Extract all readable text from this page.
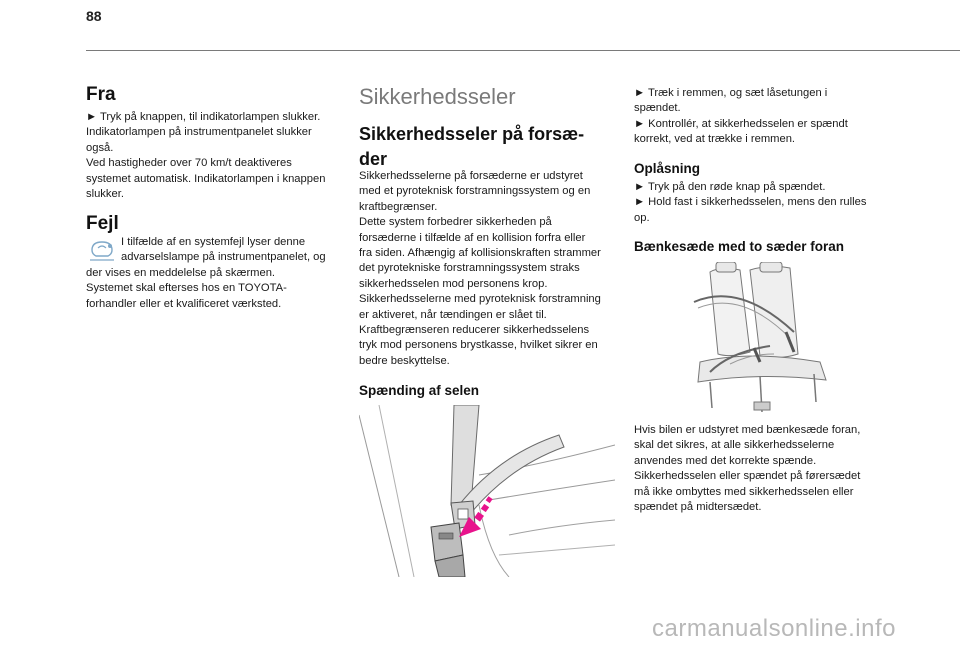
88
Fra
► Tryk på knappen, til indikatorlampen slukker.
Indikatorlampen på instrumentpanelet slukker
også.
Ved hastigheder over 70 km/t deaktiveres
systemet automatisk. Indikatorlampen i knappen
slukker.
Fejl
I tilfælde af en systemfejl lyser denne
advarselslampe på instrumentpanelet, og
der vises en meddelelse på skærmen.
Systemet skal efterses hos en TOYOTA-
forhandler eller et kvalificeret værksted.
Sikkerhedsseler
Sikkerhedsseler på forsæ-
der
Sikkerhedsselerne på forsæderne er udstyret
med et pyroteknisk forstramningssystem og en
kraftbegrænser.
Dette system forbedrer sikkerheden på
forsæderne i tilfælde af en kollision forfra eller
fra siden. Afhængig af kollisionskraften strammer
det pyrotekniske forstramningssystem straks
sikkerhedsselen mod personens krop.
Sikkerhedsselerne med pyroteknisk forstramning
er aktiveret, når tændingen er slået til.
Kraftbegrænseren reducerer sikkerhedsselens
tryk mod personens brystkasse, hvilket sikrer en
bedre beskyttelse.
Spænding af selen
► Træk i remmen, og sæt låsetungen i
spændet.
► Kontrollér, at sikkerhedsselen er spændt
korrekt, ved at trække i remmen.
Oplåsning
► Tryk på den røde knap på spændet.
► Hold fast i sikkerhedsselen, mens den rulles
op.
Bænkesæde med to sæder foran
Hvis bilen er udstyret med bænkesæde foran,
skal det sikres, at alle sikkerhedsselerne
anvendes med det korrekte spænde.
Sikkerhedsselen eller spændet på førersædet
må ikke ombyttes med sikkerhedsselen eller
spændet på midtersædet.
carmanualsonline.info
